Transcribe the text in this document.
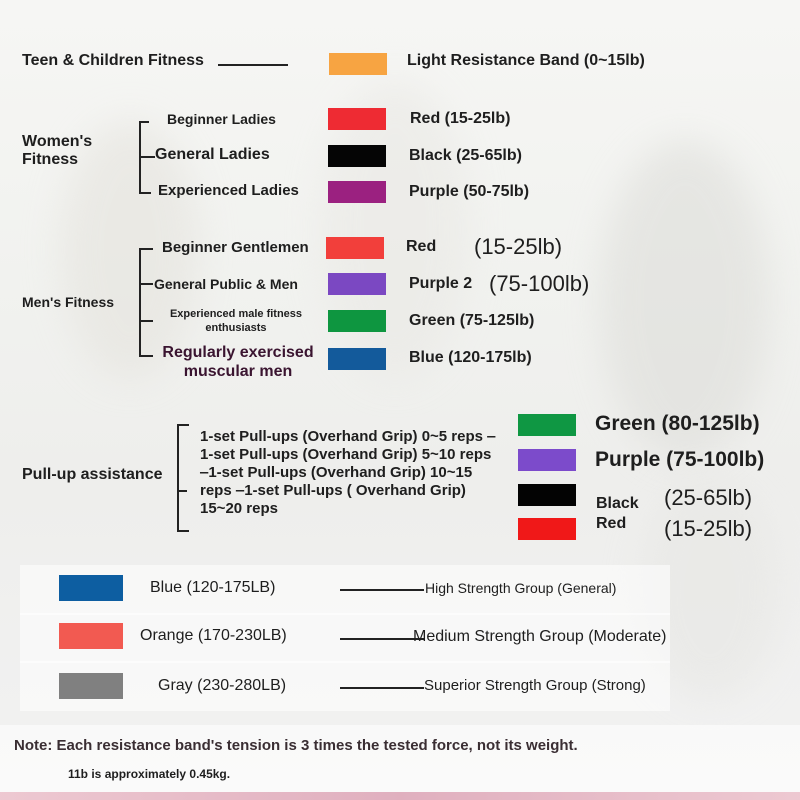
Teen & Children Fitness	Light Resistance Band (0~15lb)
Women's
Fitness
Beginner Ladies
General Ladies
Experienced Ladies
Red (15-25lb)
Black (25-65lb)
Purple (50-75lb)
Men's Fitness
Beginner Gentlemen
General Public & Men
Experienced male fitness
enthusiasts
Regularly exercised
muscular men
Red (15-25lb)
Purple 2 (75-100lb)
Green (75-125lb)
Blue (120-175lb)
Pull-up assistance
1-set Pull-ups (Overhand Grip) 0~5 reps ‒1-set Pull-ups (Overhand Grip) 5~10 reps ‒1-set Pull-ups (Overhand Grip) 10~15 reps ‒1-set Pull-ups ( Overhand Grip) 15~20 reps
Green (80-125lb)
Purple (75-100lb)
Black (25-65lb)
Red (15-25lb)
Blue (120-175LB)
Orange (170-230LB)
Gray (230-280LB)
High Strength Group (General)
Medium Strength Group (Moderate)
Superior Strength Group (Strong)
Note: Each resistance band's tension is 3 times the tested force, not its weight.
11b is approximately 0.45kg.
